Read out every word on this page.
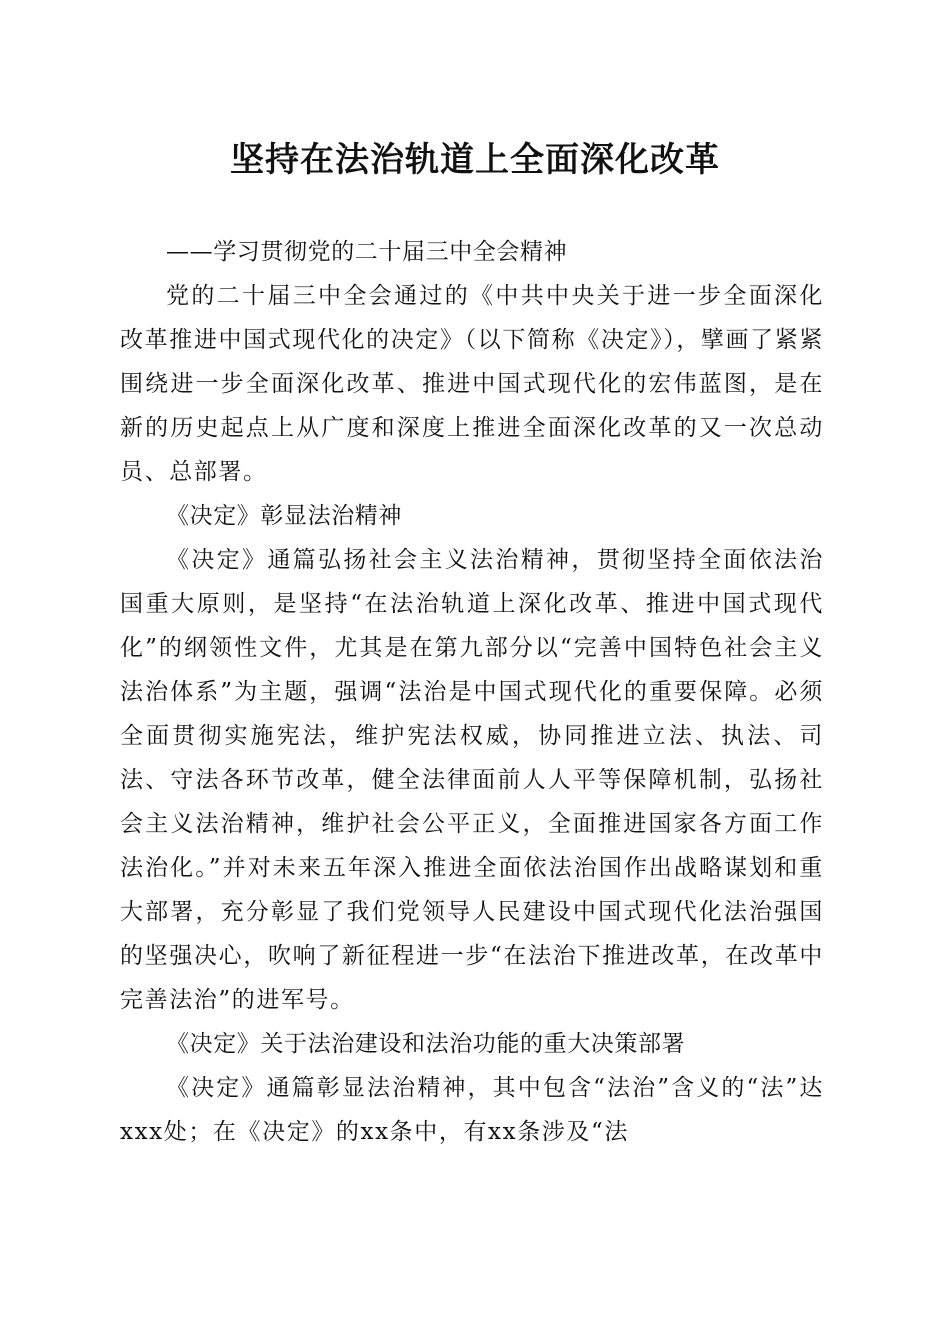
坚持在法治轨道上全面深化改革

——学习贯彻党的二十届三中全会精神

党的二十届三中全会通过的《中共中央关于进一步全面深化改革推进中国式现代化的决定》（以下简称《决定》），擘画了紧紧围绕进一步全面深化改革、推进中国式现代化的宏伟蓝图，是在新的历史起点上从广度和深度上推进全面深化改革的又一次总动员、总部署。

《决定》彰显法治精神

《决定》通篇弘扬社会主义法治精神，贯彻坚持全面依法治国重大原则，是坚持“在法治轨道上深化改革、推进中国式现代化”的纲领性文件，尤其是在第九部分以“完善中国特色社会主义法治体系”为主题，强调“法治是中国式现代化的重要保障。必须全面贯彻实施宪法，维护宪法权威，协同推进立法、执法、司法、守法各环节改革，健全法律面前人人平等保障机制，弘扬社会主义法治精神，维护社会公平正义，全面推进国家各方面工作法治化。”并对未来五年深入推进全面依法治国作出战略谋划和重大部署，充分彰显了我们党领导人民建设中国式现代化法治强国的坚强决心，吹响了新征程进一步“在法治下推进改革，在改革中完善法治”的进军号。

《决定》关于法治建设和法治功能的重大决策部署

《决定》通篇彰显法治精神，其中包含“法治”含义的“法”达xxx处；在《决定》的xx条中，有xx条涉及“法
